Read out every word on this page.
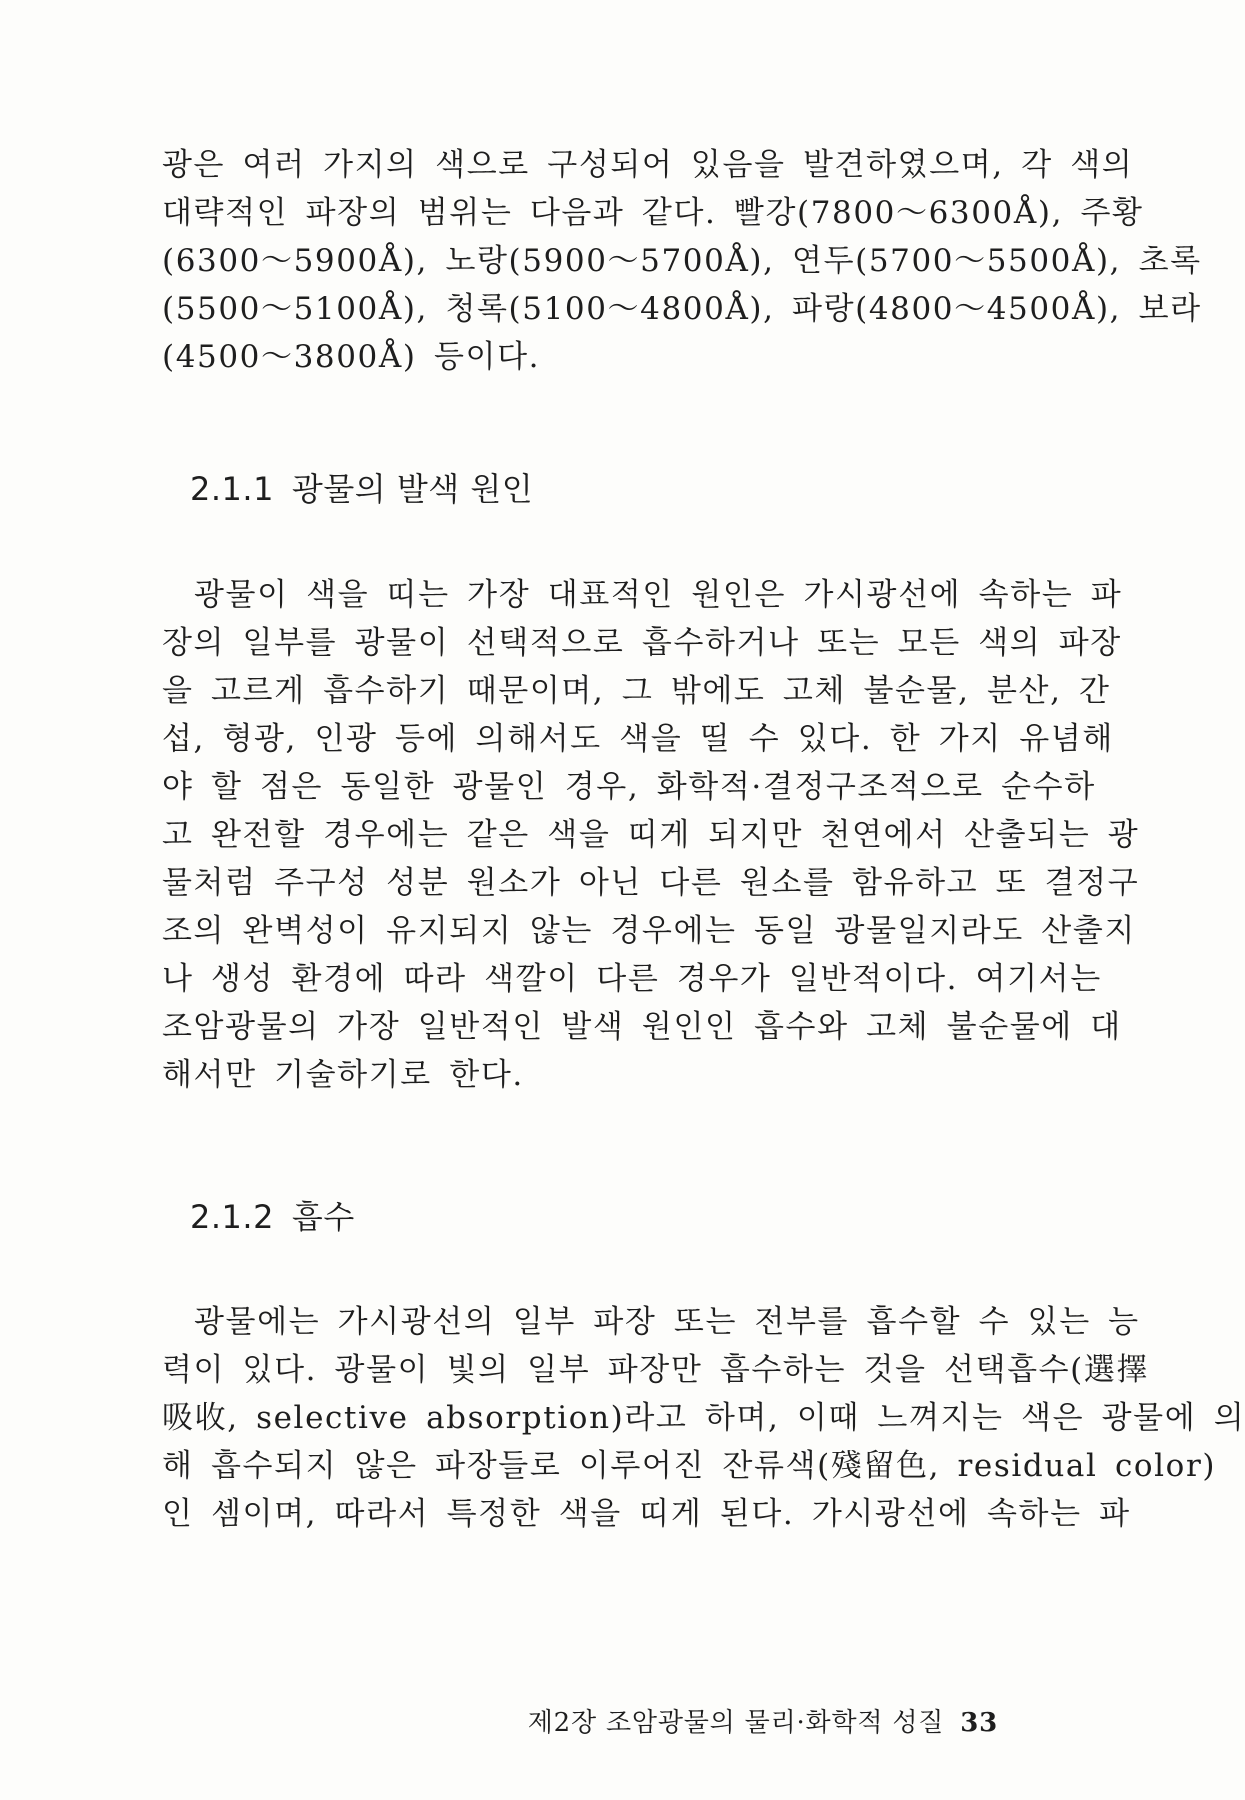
광은 여러 가지의 색으로 구성되어 있음을 발견하였으며, 각 색의
대략적인 파장의 범위는 다음과 같다. 빨강(7800～6300Å), 주황
(6300～5900Å), 노랑(5900～5700Å), 연두(5700～5500Å), 초록
(5500～5100Å), 청록(5100～4800Å), 파랑(4800～4500Å), 보라
(4500～3800Å) 등이다.

2.1.1 광물의 발색 원인

광물이 색을 띠는 가장 대표적인 원인은 가시광선에 속하는 파
장의 일부를 광물이 선택적으로 흡수하거나 또는 모든 색의 파장
을 고르게 흡수하기 때문이며, 그 밖에도 고체 불순물, 분산, 간
섭, 형광, 인광 등에 의해서도 색을 띨 수 있다. 한 가지 유념해
야 할 점은 동일한 광물인 경우, 화학적·결정구조적으로 순수하
고 완전할 경우에는 같은 색을 띠게 되지만 천연에서 산출되는 광
물처럼 주구성 성분 원소가 아닌 다른 원소를 함유하고 또 결정구
조의 완벽성이 유지되지 않는 경우에는 동일 광물일지라도 산출지
나 생성 환경에 따라 색깔이 다른 경우가 일반적이다. 여기서는
조암광물의 가장 일반적인 발색 원인인 흡수와 고체 불순물에 대
해서만 기술하기로 한다.

2.1.2 흡수

광물에는 가시광선의 일부 파장 또는 전부를 흡수할 수 있는 능
력이 있다. 광물이 빛의 일부 파장만 흡수하는 것을 선택흡수(選擇
吸收, selective absorption)라고 하며, 이때 느껴지는 색은 광물에 의
해 흡수되지 않은 파장들로 이루어진 잔류색(殘留色, residual color)
인 셈이며, 따라서 특정한 색을 띠게 된다. 가시광선에 속하는 파

제2장 조암광물의 물리·화학적 성질 33
